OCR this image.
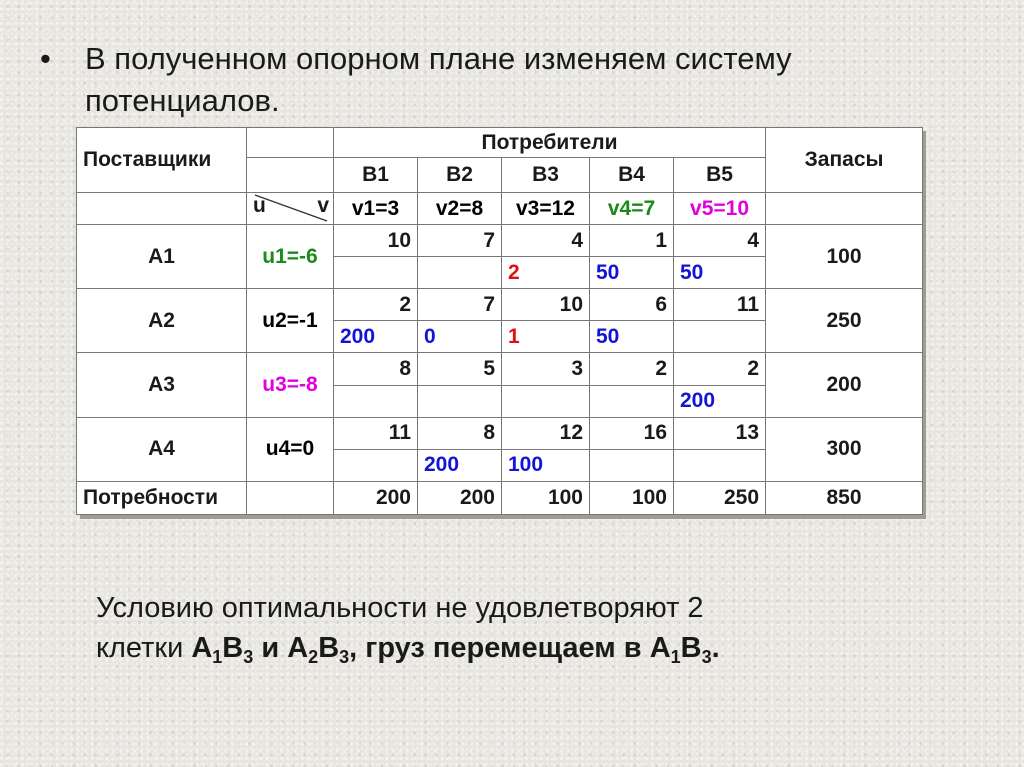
• В полученном опорном плане изменяем систему потенциалов.
Поставщики		Потребители					Запасы
		B1	B2	B3	B4	B5	

	u v	v1=3	v2=8	v3=12	v4=7	v5=10	
A1	u1=-6	10	7	4	1	4	100
				2	50	50	
A2	u2=-1	2	7	10	6	11	250
		200	0	1	50		
A3	u3=-8	8	5	3	2	2	200
						200	
A4	u4=0	11	8	12	16	13	300
			200	100			
Потребности		200	200	100	100	250	850
Условию оптимальности не удовлетворяют 2
клетки $A_1B_3$ и $A_2B_3$, груз перемещаем в $A_1B_3$.
